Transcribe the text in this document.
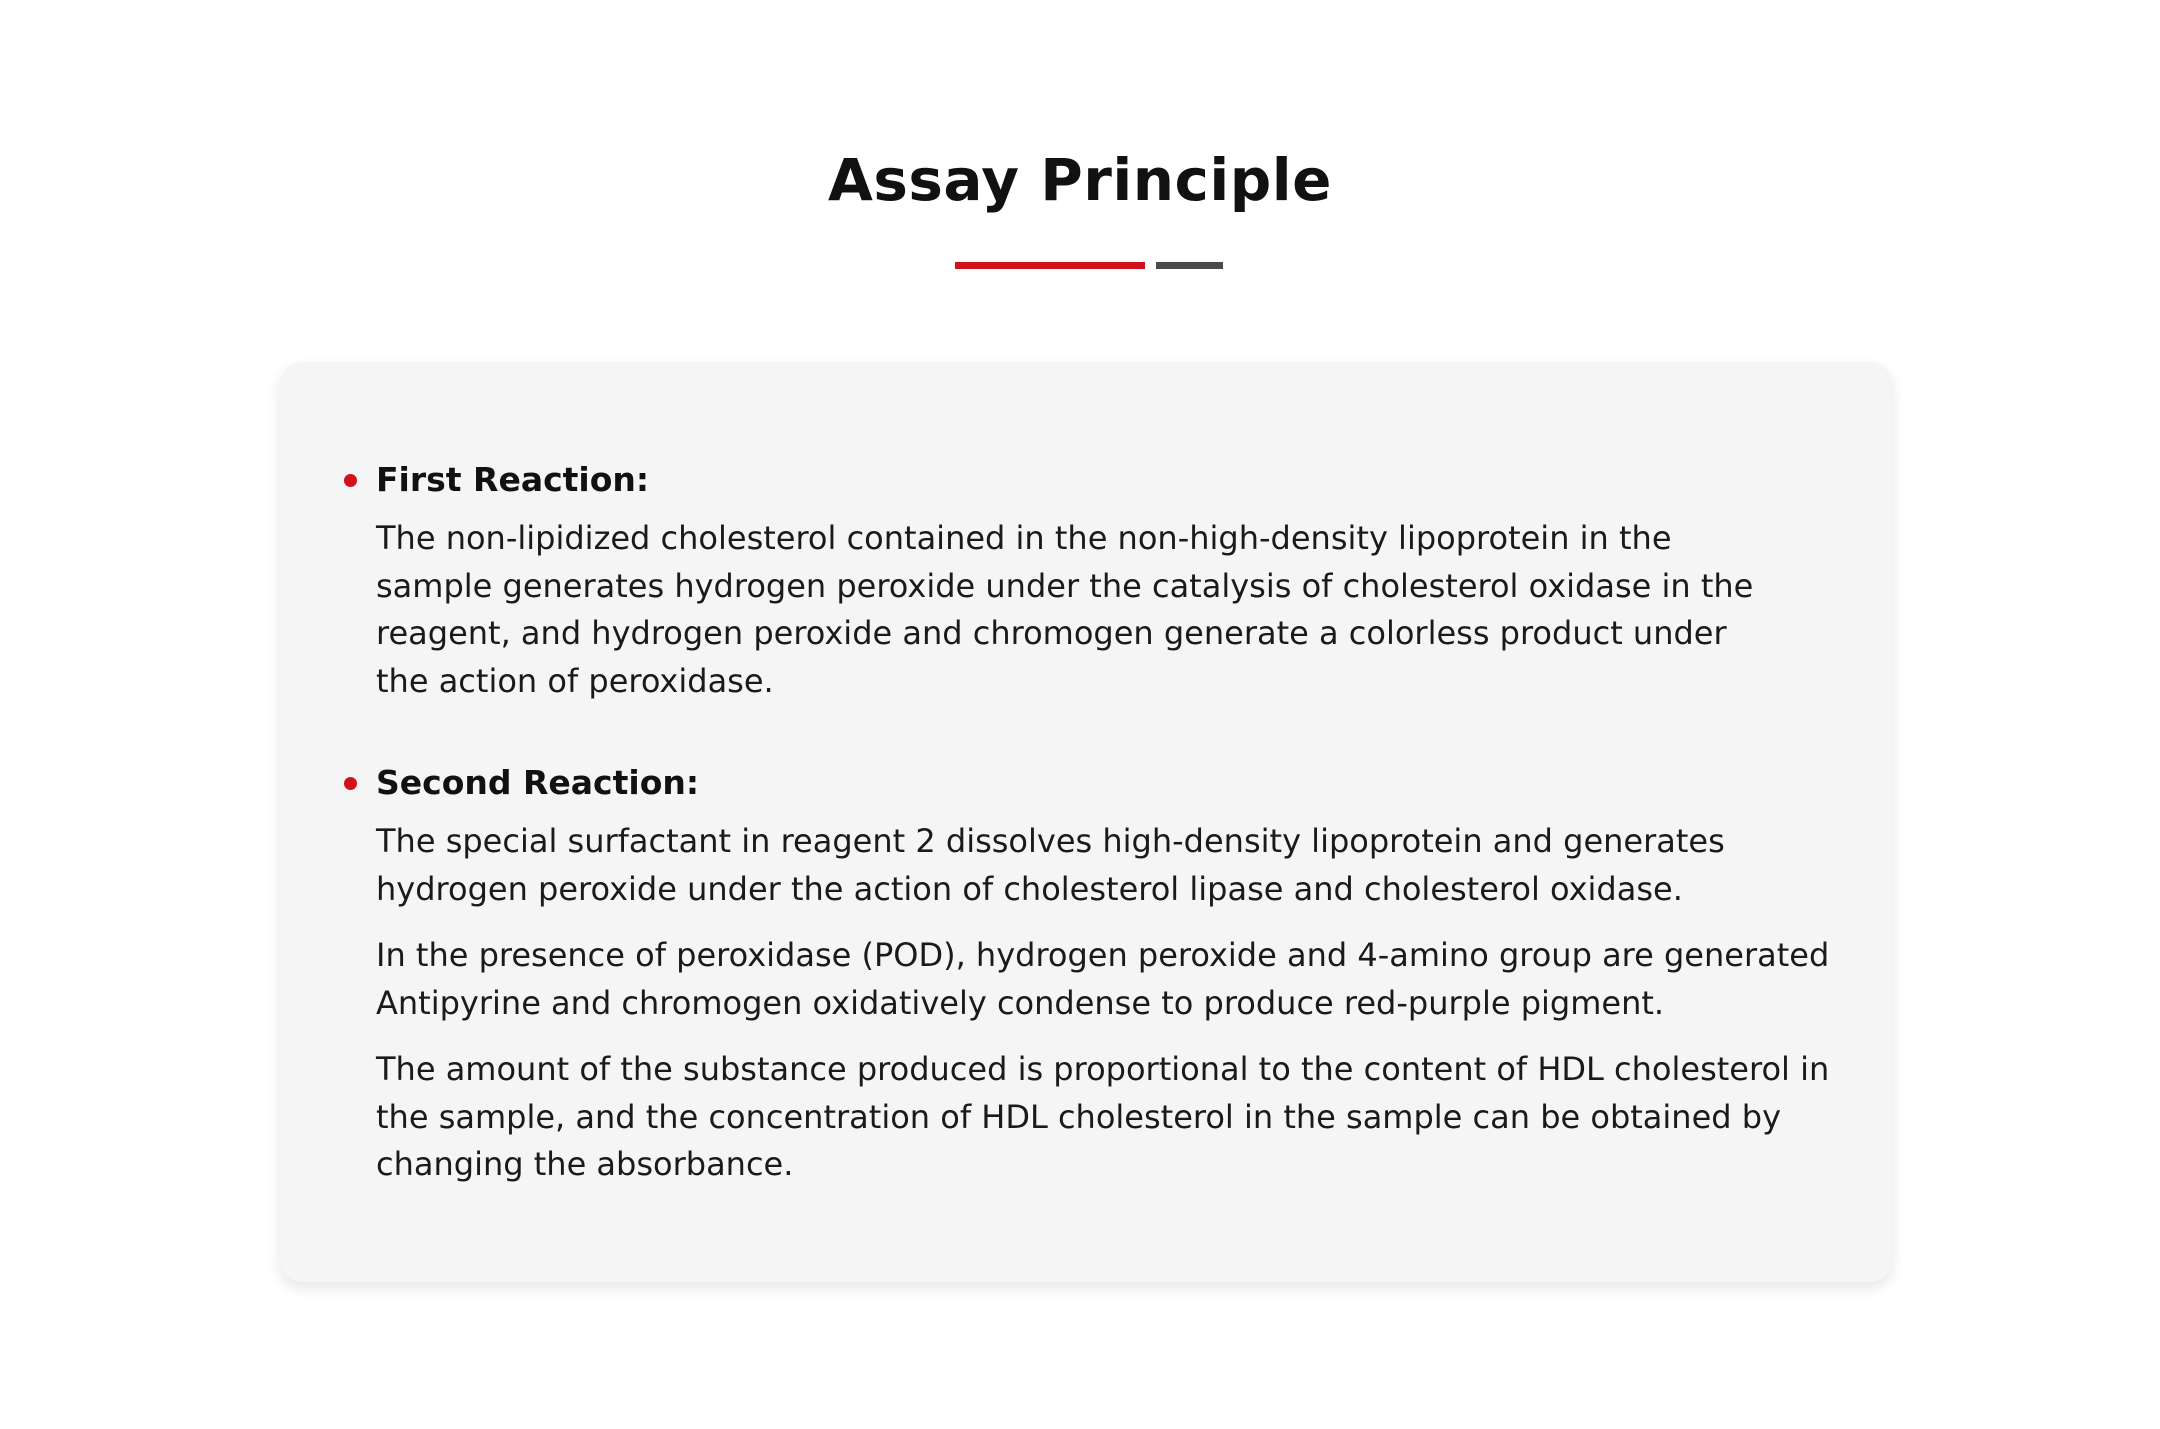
Assay Principle
First Reaction:

The non-lipidized cholesterol contained in the non-high-density lipoprotein in the sample generates hydrogen peroxide under the catalysis of cholesterol oxidase in the reagent, and hydrogen peroxide and chromogen generate a colorless product under the action of peroxidase.

Second Reaction:

The special surfactant in reagent 2 dissolves high-density lipoprotein and generates hydrogen peroxide under the action of cholesterol lipase and cholesterol oxidase.

In the presence of peroxidase (POD), hydrogen peroxide and 4-amino group are generated Antipyrine and chromogen oxidatively condense to produce red-purple pigment.

The amount of the substance produced is proportional to the content of HDL cholesterol in the sample, and the concentration of HDL cholesterol in the sample can be obtained by changing the absorbance.
